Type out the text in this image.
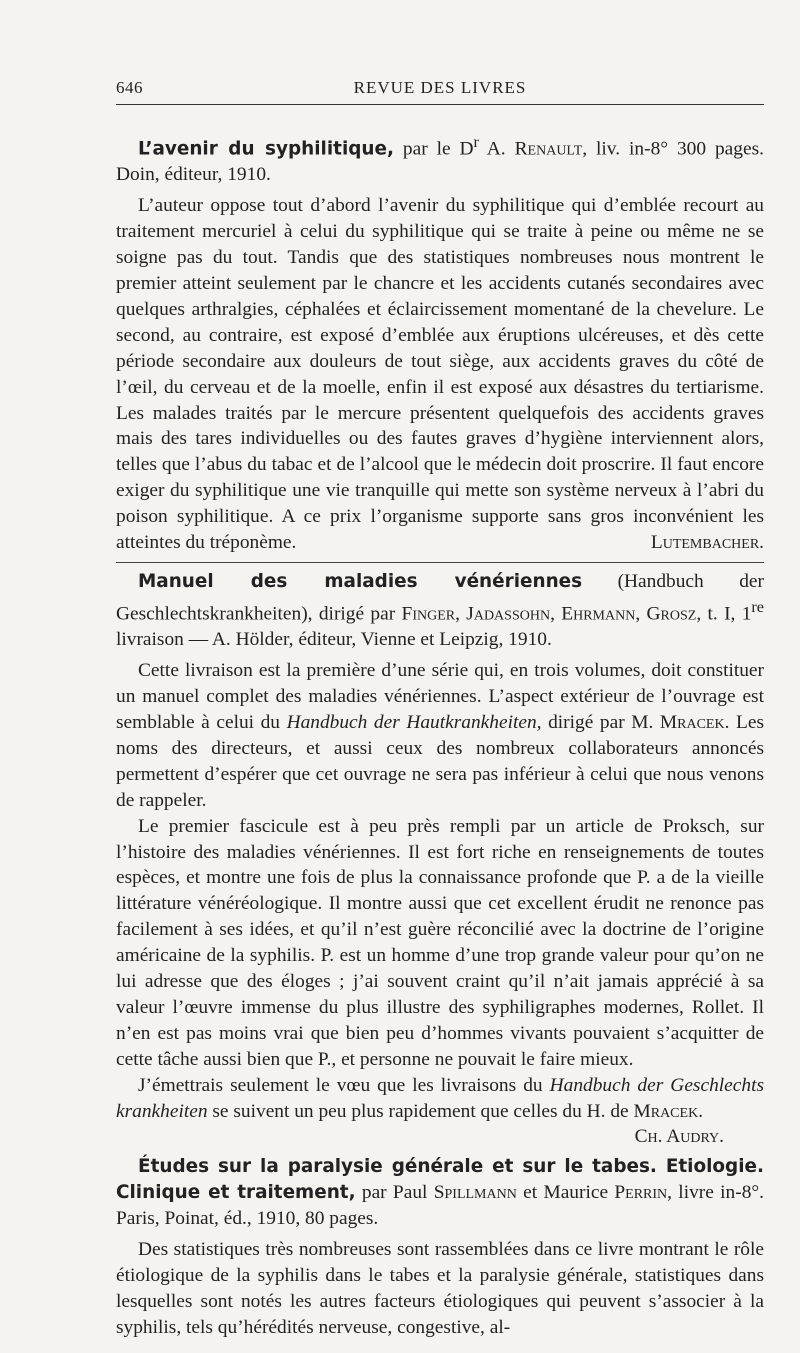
646	REVUE DES LIVRES

L’avenir du syphilitique, par le $D^r$ A. Renault, liv. in-8° 300 pages. Doin, éditeur, 1910.

L’auteur oppose tout d’abord l’avenir du syphilitique qui d’emblée recourt au traitement mercuriel à celui du syphilitique qui se traite à peine ou même ne se soigne pas du tout. Tandis que des statistiques nombreuses nous montrent le premier atteint seulement par le chancre et les accidents cutanés secondaires avec quelques arthralgies, céphalées et éclaircissement momentané de la chevelure. Le second, au contraire, est exposé d’emblée aux éruptions ulcéreuses, et dès cette période secondaire aux douleurs de tout siège, aux accidents graves du côté de l’œil, du cerveau et de la moelle, enfin il est exposé aux désastres du tertiarisme. Les malades traités par le mercure présentent quelquefois des accidents graves mais des tares individuelles ou des fautes graves d’hygiène interviennent alors, telles que l’abus du tabac et de l’alcool que le médecin doit proscrire. Il faut encore exiger du syphilitique une vie tranquille qui mette son système nerveux à l’abri du poison syphilitique. A ce prix l’organisme supporte sans gros inconvénient les atteintes du tréponème.	Lutembacher.

Manuel des maladies vénériennes (Handbuch der Geschlechtskrankheiten), dirigé par Finger, Jadassohn, Ehrmann, Grosz, t. I, 1re livraison — A. Hölder, éditeur, Vienne et Leipzig, 1910.

Cette livraison est la première d’une série qui, en trois volumes, doit constituer un manuel complet des maladies vénériennes. L’aspect extérieur de l’ouvrage est semblable à celui du Handbuch der Hautkrankheiten, dirigé par M. Mracek. Les noms des directeurs, et aussi ceux des nombreux collaborateurs annoncés permettent d’espérer que cet ouvrage ne sera pas inférieur à celui que nous venons de rappeler.

Le premier fascicule est à peu près rempli par un article de Proksch, sur l’histoire des maladies vénériennes. Il est fort riche en renseignements de toutes espèces, et montre une fois de plus la connaissance profonde que P. a de la vieille littérature vénéréologique. Il montre aussi que cet excellent érudit ne renonce pas facilement à ses idées, et qu’il n’est guère réconcilié avec la doctrine de l’origine américaine de la syphilis. P. est un homme d’une trop grande valeur pour qu’on ne lui adresse que des éloges ; j’ai souvent craint qu’il n’ait jamais apprécié à sa valeur l’œuvre immense du plus illustre des syphiligraphes modernes, Rollet. Il n’en est pas moins vrai que bien peu d’hommes vivants pouvaient s’acquitter de cette tâche aussi bien que P., et personne ne pouvait le faire mieux.

J’émettrais seulement le vœu que les livraisons du Handbuch der Geschlechts krankheiten se suivent un peu plus rapidement que celles du H. de Mracek.
Ch. Audry.

Études sur la paralysie générale et sur le tabes. Etiologie. Clinique et traitement, par Paul Spillmann et Maurice Perrin, livre in-8°. Paris, Poinat, éd., 1910, 80 pages.

Des statistiques très nombreuses sont rassemblées dans ce livre montrant le rôle étiologique de la syphilis dans le tabes et la paralysie générale, statistiques dans lesquelles sont notés les autres facteurs étiologiques qui peuvent s’associer à la syphilis, tels qu’hérédités nerveuse, congestive, al-
